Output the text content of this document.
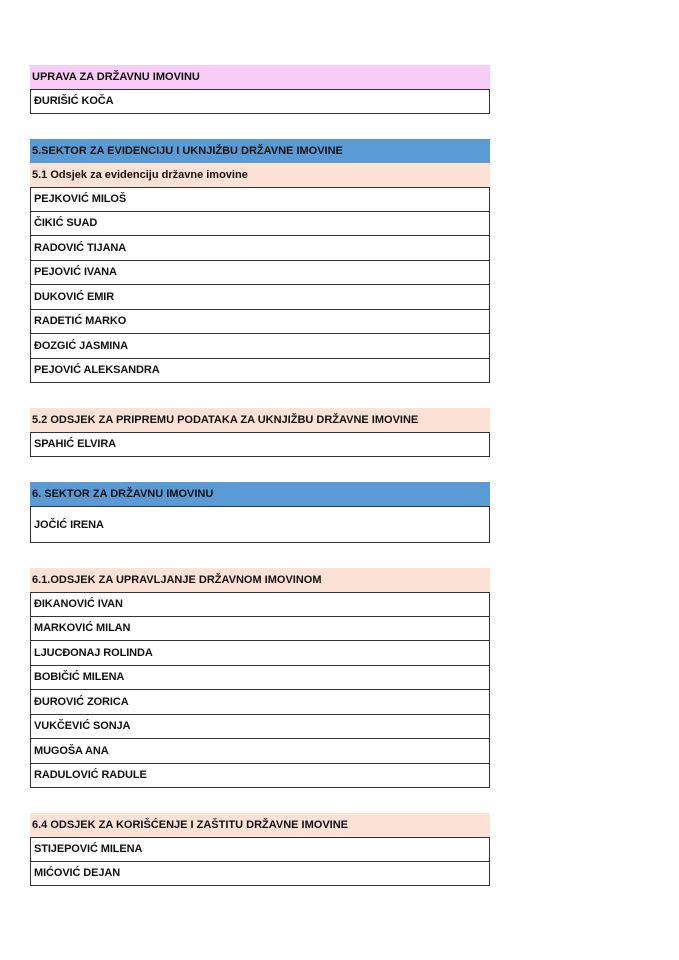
UPRAVA ZA DRŽAVNU IMOVINU
ĐURIŠIĆ KOČA
5.SEKTOR ZA EVIDENCIJU I UKNJIŽBU DRŽAVNE IMOVINE
5.1 Odsjek za evidenciju državne imovine
PEJKOVIĆ MILOŠ
ČIKIĆ SUAD
RADOVIĆ TIJANA
PEJOVIĆ IVANA
DUKOVIĆ EMIR
RADETIĆ MARKO
ĐOZGIĆ JASMINA
PEJOVIĆ ALEKSANDRA
5.2 ODSJEK ZA PRIPREMU PODATAKA ZA UKNJIŽBU DRŽAVNE IMOVINE
SPAHIĆ ELVIRA
6. SEKTOR ZA DRŽAVNU IMOVINU
JOČIĆ IRENA
6.1.ODSJEK ZA UPRAVLJANJE DRŽAVNOM IMOVINOM
ĐIKANOVIĆ IVAN
MARKOVIĆ MILAN
LJUCĐONAJ ROLINDA
BOBIČIĆ MILENA
ĐUROVIĆ ZORICA
VUKČEVIĆ SONJA
MUGOŠA ANA
RADULOVIĆ RADULE
6.4 ODSJEK ZA KORIŠĆENJE I ZAŠTITU DRŽAVNE IMOVINE
STIJEPOVIĆ MILENA
MIĆOVIĆ DEJAN
